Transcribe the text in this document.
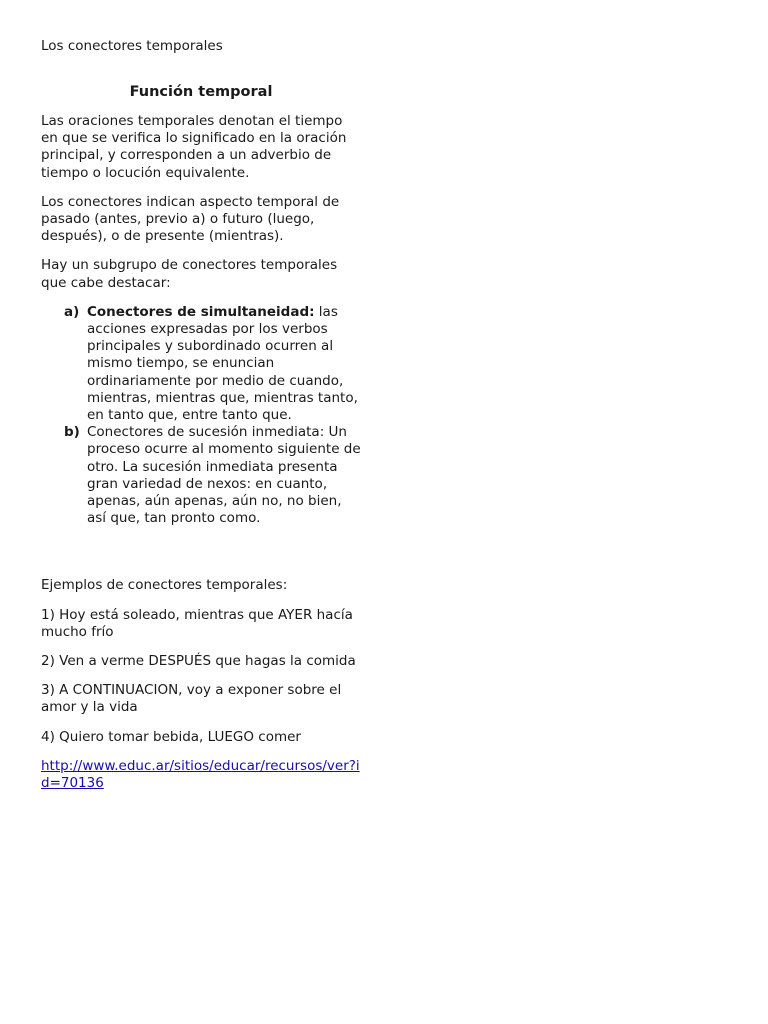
Los conectores temporales
Función temporal

Las oraciones temporales denotan el tiempo en que se verifica lo significado en la oración principal, y corresponden a un adverbio de tiempo o locución equivalente.

Los conectores indican aspecto temporal de pasado (antes, previo a) o futuro (luego, después), o de presente (mientras).

Hay un subgrupo de conectores temporales que cabe destacar:

a) Conectores de simultaneidad: las acciones expresadas por los verbos principales y subordinado ocurren al mismo tiempo, se enuncian ordinariamente por medio de cuando, mientras, mientras que, mientras tanto, en tanto que, entre tanto que.
b) Conectores de sucesión inmediata: Un proceso ocurre al momento siguiente de otro. La sucesión inmediata presenta gran variedad de nexos: en cuanto, apenas, aún apenas, aún no, no bien, así que, tan pronto como.

Ejemplos de conectores temporales:

1) Hoy está soleado, mientras que AYER hacía mucho frío

2) Ven a verme DESPUÉS que hagas la comida

3) A CONTINUACION, voy a exponer sobre el amor y la vida

4) Quiero tomar bebida, LUEGO comer

http://www.educ.ar/sitios/educar/recursos/ver?id=70136
